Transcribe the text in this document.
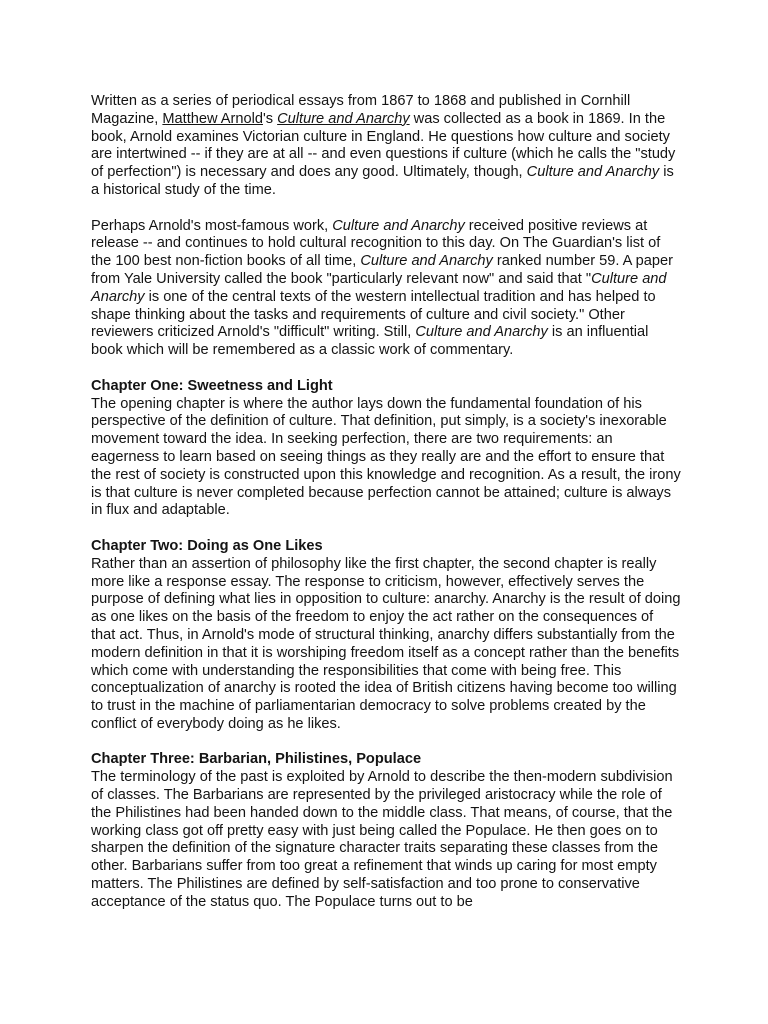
Written as a series of periodical essays from 1867 to 1868 and published in Cornhill Magazine, Matthew Arnold's Culture and Anarchy was collected as a book in 1869. In the book, Arnold examines Victorian culture in England. He questions how culture and society are intertwined -- if they are at all -- and even questions if culture (which he calls the "study of perfection") is necessary and does any good. Ultimately, though, Culture and Anarchy is a historical study of the time.

Perhaps Arnold's most-famous work, Culture and Anarchy received positive reviews at release -- and continues to hold cultural recognition to this day. On The Guardian's list of the 100 best non-fiction books of all time, Culture and Anarchy ranked number 59. A paper from Yale University called the book "particularly relevant now" and said that "Culture and Anarchy is one of the central texts of the western intellectual tradition and has helped to shape thinking about the tasks and requirements of culture and civil society." Other reviewers criticized Arnold's "difficult" writing. Still, Culture and Anarchy is an influential book which will be remembered as a classic work of commentary.

Chapter One: Sweetness and Light

The opening chapter is where the author lays down the fundamental foundation of his perspective of the definition of culture. That definition, put simply, is a society's inexorable movement toward the idea. In seeking perfection, there are two requirements: an eagerness to learn based on seeing things as they really are and the effort to ensure that the rest of society is constructed upon this knowledge and recognition. As a result, the irony is that culture is never completed because perfection cannot be attained; culture is always in flux and adaptable.

Chapter Two: Doing as One Likes

Rather than an assertion of philosophy like the first chapter, the second chapter is really more like a response essay. The response to criticism, however, effectively serves the purpose of defining what lies in opposition to culture: anarchy. Anarchy is the result of doing as one likes on the basis of the freedom to enjoy the act rather on the consequences of that act. Thus, in Arnold's mode of structural thinking, anarchy differs substantially from the modern definition in that it is worshiping freedom itself as a concept rather than the benefits which come with understanding the responsibilities that come with being free. This conceptualization of anarchy is rooted the idea of British citizens having become too willing to trust in the machine of parliamentarian democracy to solve problems created by the conflict of everybody doing as he likes.

Chapter Three: Barbarian, Philistines, Populace

The terminology of the past is exploited by Arnold to describe the then-modern subdivision of classes. The Barbarians are represented by the privileged aristocracy while the role of the Philistines had been handed down to the middle class. That means, of course, that the working class got off pretty easy with just being called the Populace. He then goes on to sharpen the definition of the signature character traits separating these classes from the other. Barbarians suffer from too great a refinement that winds up caring for most empty matters. The Philistines are defined by self-satisfaction and too prone to conservative acceptance of the status quo. The Populace turns out to be
